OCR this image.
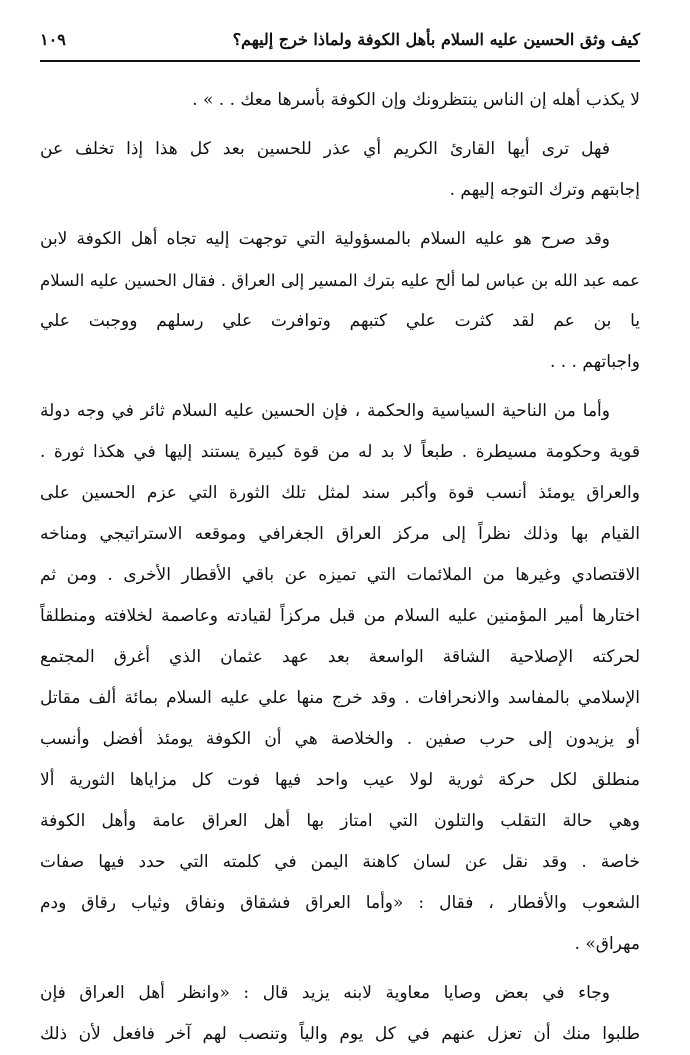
كيف وثق الحسين عليه السلام بأهل الكوفة ولماذا خرج إليهم؟
١٠٩

لا يكذب أهله إن الناس ينتظرونك وإن الكوفة بأسرها معك . . » .

فهل ترى أيها القارئ الكريم أي عذر للحسين بعد كل هذا إذا تخلف عن
إجابتهم وترك التوجه إليهم .

وقد صرح هو عليه السلام بالمسؤولية التي توجهت إليه تجاه أهل الكوفة لابن
عمه عبد الله بن عباس لما ألح عليه بترك المسير إلى العراق . فقال الحسين عليه السلام
يا بن عم لقد كثرت علي كتبهم وتوافرت علي رسلهم ووجبت علي
واجباتهم . . .

وأما من الناحية السياسية والحكمة ، فإن الحسين عليه السلام ثائر في وجه دولة
قوية وحكومة مسيطرة . طبعاً لا بد له من قوة كبيرة يستند إليها في هكذا ثورة .
والعراق يومئذ أنسب قوة وأكبر سند لمثل تلك الثورة التي عزم الحسين على
القيام بها وذلك نظراً إلى مركز العراق الجغرافي وموقعه الاستراتيجي ومناخه
الاقتصادي وغيرها من الملائمات التي تميزه عن باقي الأقطار الأخرى . ومن ثم
اختارها أمير المؤمنين عليه السلام من قبل مركزاً لقيادته وعاصمة لخلافته ومنطلقاً
لحركته الإصلاحية الشاقة الواسعة بعد عهد عثمان الذي أغرق المجتمع
الإسلامي بالمفاسد والانحرافات . وقد خرج منها علي عليه السلام بمائة ألف مقاتل
أو يزيدون إلى حرب صفين . والخلاصة هي أن الكوفة يومئذ أفضل وأنسب
منطلق لكل حركة ثورية لولا عيب واحد فيها فوت كل مزاياها الثورية ألا
وهي حالة التقلب والتلون التي امتاز بها أهل العراق عامة وأهل الكوفة
خاصة . وقد نقل عن لسان كاهنة اليمن في كلمته التي حدد فيها صفات
الشعوب والأقطار ، فقال : «وأما العراق فشقاق ونفاق وثياب رقاق ودم
مهراق» .

وجاء في بعض وصايا معاوية لابنه يزيد قال : «وانظر أهل العراق فإن
طلبوا منك أن تعزل عنهم في كل يوم والياً وتنصب لهم آخر فافعل لأن ذلك
